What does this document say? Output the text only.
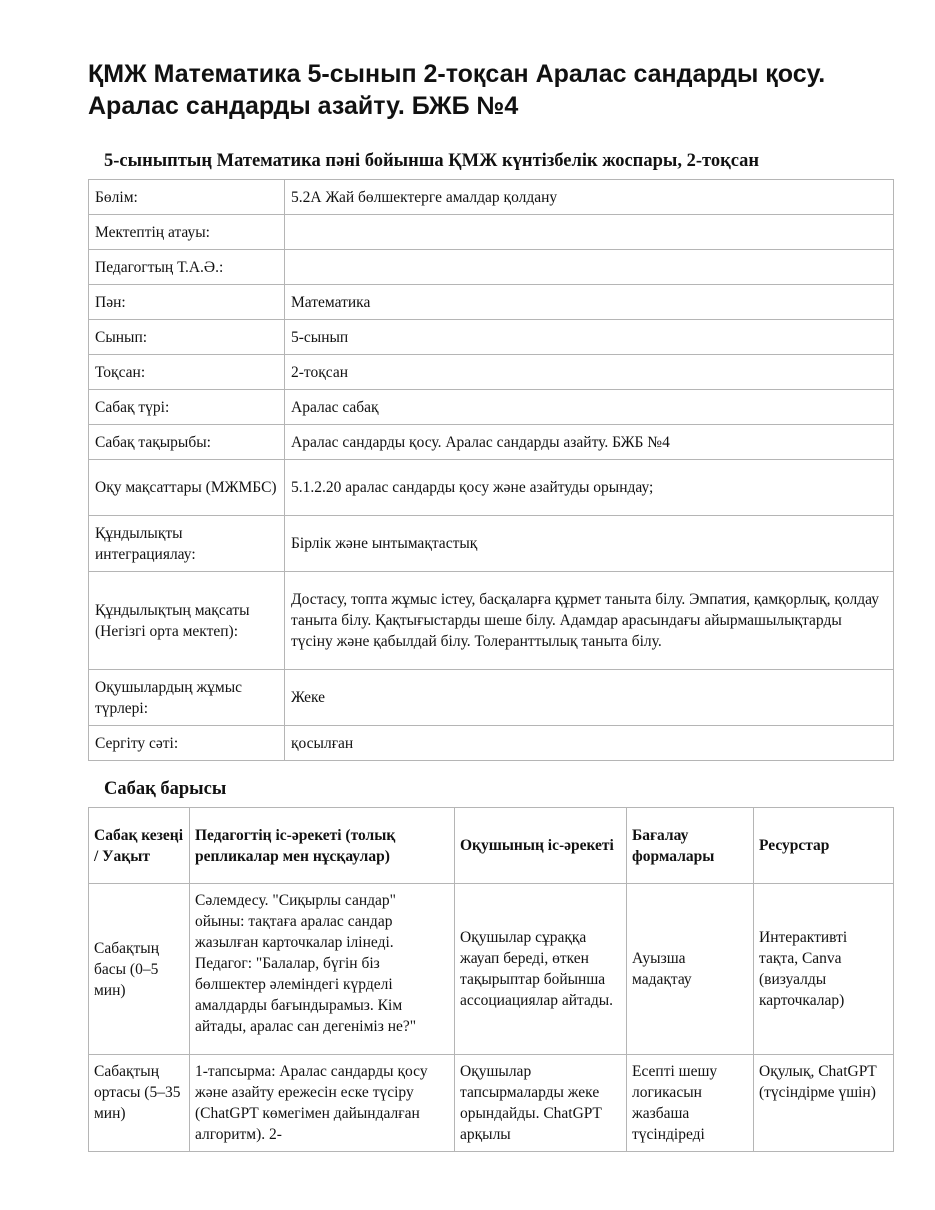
ҚМЖ Математика 5-сынып 2-тоқсан Аралас сандарды қосу. Аралас сандарды азайту. БЖБ №4
5-сыныптың Математика пәні бойынша ҚМЖ күнтізбелік жоспары, 2-тоқсан
Бөлім:	5.2А Жай бөлшектерге амалдар қолдану
Мектептің атауы:	
Педагогтың Т.А.Ә.:	
Пән:	Математика
Сынып:	5-сынып
Тоқсан:	2-тоқсан
Сабақ түрі:	Аралас сабақ
Сабақ тақырыбы:	Аралас сандарды қосу. Аралас сандарды азайту. БЖБ №4
Оқу мақсаттары (МЖМБС)	5.1.2.20 аралас сандарды қосу және азайтуды орындау;
Құндылықты интеграциялау:	Бірлік және ынтымақтастық
Құндылықтың мақсаты (Негізгі орта мектеп):	Достасу, топта жұмыс істеу, басқаларға құрмет таныта білу. Эмпатия, қамқорлық, қолдау таныта білу. Қақтығыстарды шеше білу. Адамдар арасындағы айырмашылықтарды түсіну және қабылдай білу. Толеранттылық таныта білу.
Оқушылардың жұмыс түрлері:	Жеке
Сергіту сәті:	қосылған
Сабақ барысы
Сабақ кезеңі / Уақыт	Педагогтің іс-әрекеті (толық репликалар мен нұсқаулар)	Оқушының іс-әрекеті	Бағалау формалары	Ресурстар
Сабақтың басы (0–5 мин)	Сәлемдесу. "Сиқырлы сандар" ойыны: тақтаға аралас сандар жазылған карточкалар ілінеді. Педагог: "Балалар, бүгін біз бөлшектер әлеміндегі күрделі амалдарды бағындырамыз. Кім айтады, аралас сан дегеніміз не?"	Оқушылар сұраққа жауап береді, өткен тақырыптар бойынша ассоциациялар айтады.	Ауызша мадақтау	Интерактивті тақта, Canva (визуалды карточкалар)
Сабақтың ортасы (5–35 мин)	1-тапсырма: Аралас сандарды қосу және азайту ережесін еске түсіру (ChatGPT көмегімен дайындалған алгоритм). 2-	Оқушылар тапсырмаларды жеке орындайды. ChatGPT арқылы	Есепті шешу логикасын жазбаша түсіндіреді	Оқулық, ChatGPT (түсіндірме үшін)
